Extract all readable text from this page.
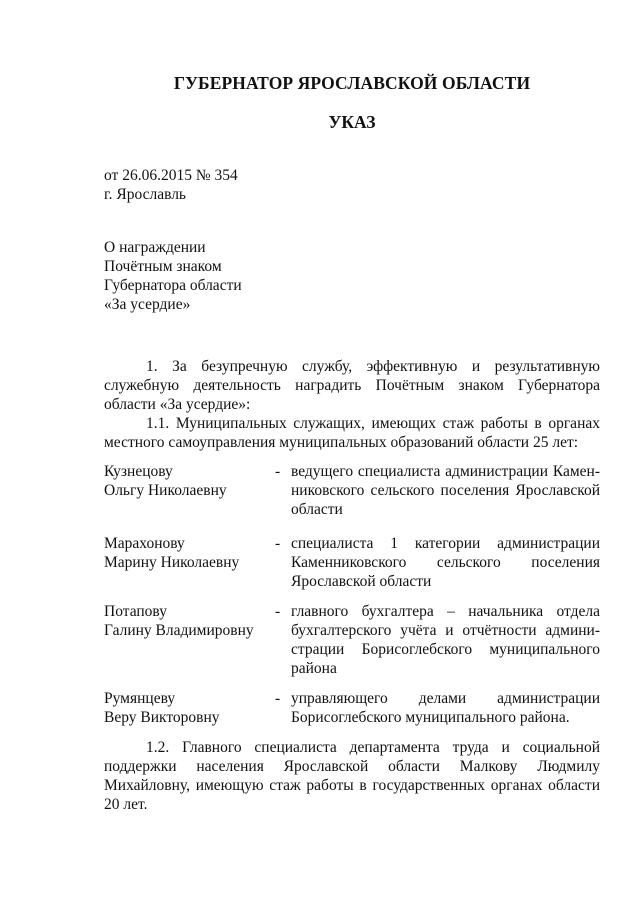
ГУБЕРНАТОР ЯРОСЛАВСКОЙ ОБЛАСТИ
УКАЗ
от 26.06.2015 № 354
г. Ярославль
О награждении
Почётным знаком
Губернатора области
«За усердие»

1. За безупречную службу, эффективную и результативную служебную деятельность наградить Почётным знаком Губернатора области «За усердие»:

1.1. Муниципальных служащих, имеющих стаж работы в органах местного самоуправления муниципальных образований области 25 лет:

Кузнецову
Ольгу Николаевну
- ведущего специалиста администрации Камен-
никовского сельского поселения Ярославской
области
Марахонову
Марину Николаевну
- специалиста 1 категории администрации
Каменниковского сельского поселения
Ярославской области
Потапову
Галину Владимировну
- главного бухгалтера – начальника отдела
бухгалтерского учёта и отчётности админи-
страции Борисоглебского муниципального
района
Румянцеву
Веру Викторовну
- управляющего делами администрации
Борисоглебского муниципального района.

1.2. Главного специалиста департамента труда и социальной поддержки населения Ярославской области Малкову Людмилу Михайловну, имеющую стаж работы в государственных органах области 20 лет.
